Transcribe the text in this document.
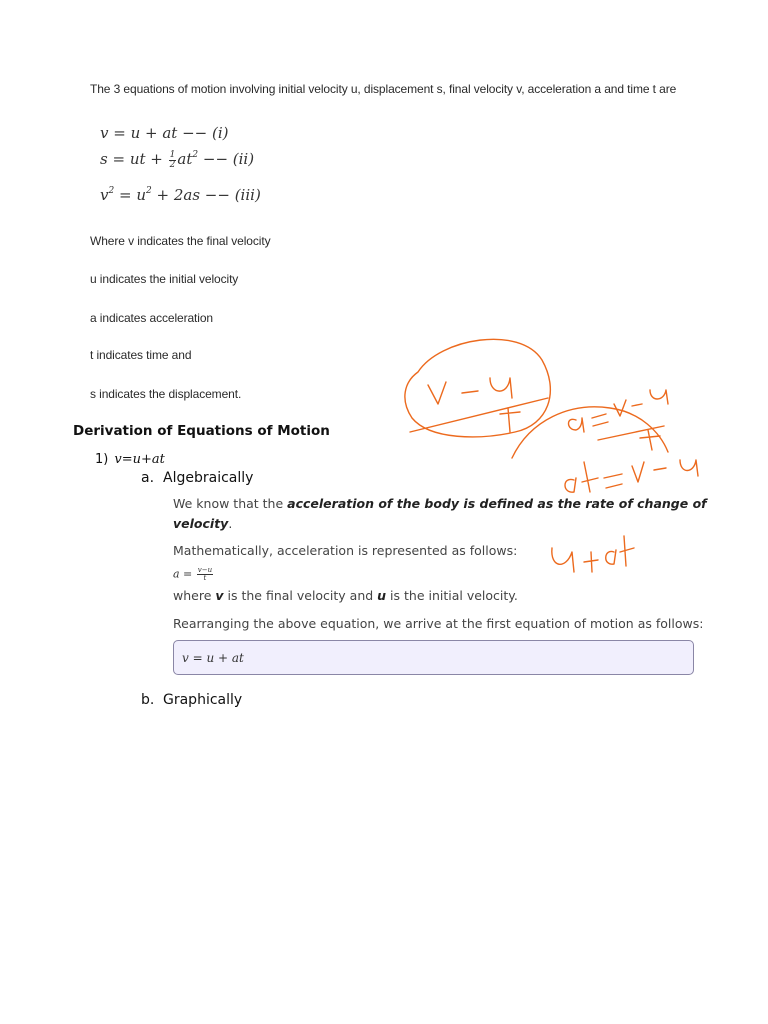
The 3 equations of motion involving initial velocity u, displacement s, final velocity v, acceleration a and time t are
v = u + at −− (i)
s = ut + $\frac{1}{2} at^2 -- (ii)$
$v^2 = u^2 + 2as -- (iii)$
Where v indicates the final velocity
u indicates the initial velocity
a indicates acceleration
t indicates time and
s indicates the displacement.
Derivation of Equations of Motion
1) v=u+at
a. Algebraically
We know that the acceleration of the body is defined as the rate of change of
velocity.
Mathematically, acceleration is represented as follows:
$a = \frac{v-u}{t}$
where v is the final velocity and u is the initial velocity.
Rearranging the above equation, we arrive at the first equation of motion as follows:
v = u + at
b. Graphically
